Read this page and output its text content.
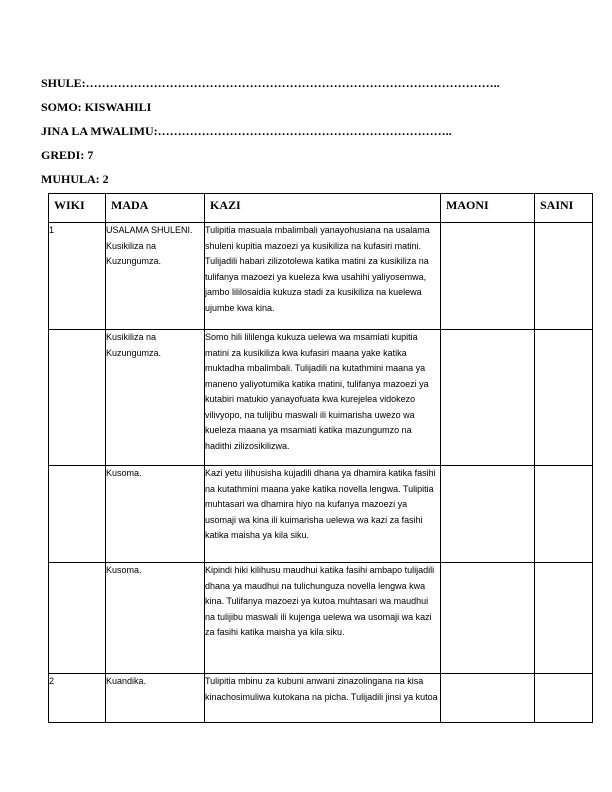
SHULE:…………………………………………………………………………………………..

SOMO: KISWAHILI

JINA LA MWALIMU:………………………………………………………………..

GREDI: 7

MUHULA: 2

WIKI	MADA	KAZI	MAONI	SAINI
1	USALAMA SHULENI. Kusikiliza na Kuzungumza.	Tulipitia masuala mbalimbali yanayohusiana na usalama shuleni kupitia mazoezi ya kusikiliza na kufasiri matini. Tulijadili habari zilizotolewa katika matini za kusikiliza na tulifanya mazoezi ya kueleza kwa usahihi yaliyosemwa, jambo lililosaidia kukuza stadi za kusikiliza na kuelewa ujumbe kwa kina.		
	Kusikiliza na Kuzungumza.	Somo hili lililenga kukuza uelewa wa msamiati kupitia matini za kusikiliza kwa kufasiri maana yake katika muktadha mbalimbali. Tulijadili na kutathmini maana ya maneno yaliyotumika katika matini, tulifanya mazoezi ya kutabiri matukio yanayofuata kwa kurejelea vidokezo vilivyopo, na tulijibu maswali ili kuimarisha uwezo wa kueleza maana ya msamiati katika mazungumzo na hadithi zilizosikilizwa.		
	Kusoma.	Kazi yetu ilihusisha kujadili dhana ya dhamira katika fasihi na kutathmini maana yake katika novella lengwa. Tulipitia muhtasari wa dhamira hiyo na kufanya mazoezi ya usomaji wa kina ili kuimarisha uelewa wa kazi za fasihi katika maisha ya kila siku.		
	Kusoma.	Kipindi hiki kilihusu maudhui katika fasihi ambapo tulijadili dhana ya maudhui na tulichunguza novella lengwa kwa kina. Tulifanya mazoezi ya kutoa muhtasari wa maudhui na tulijibu maswali ili kujenga uelewa wa usomaji wa kazi za fasihi katika maisha ya kila siku.		
2	Kuandika.	Tulipitia mbinu za kubuni anwani zinazolingana na kisa kinachosimuliwa kutokana na picha. Tulijadili jinsi ya kutoa		
